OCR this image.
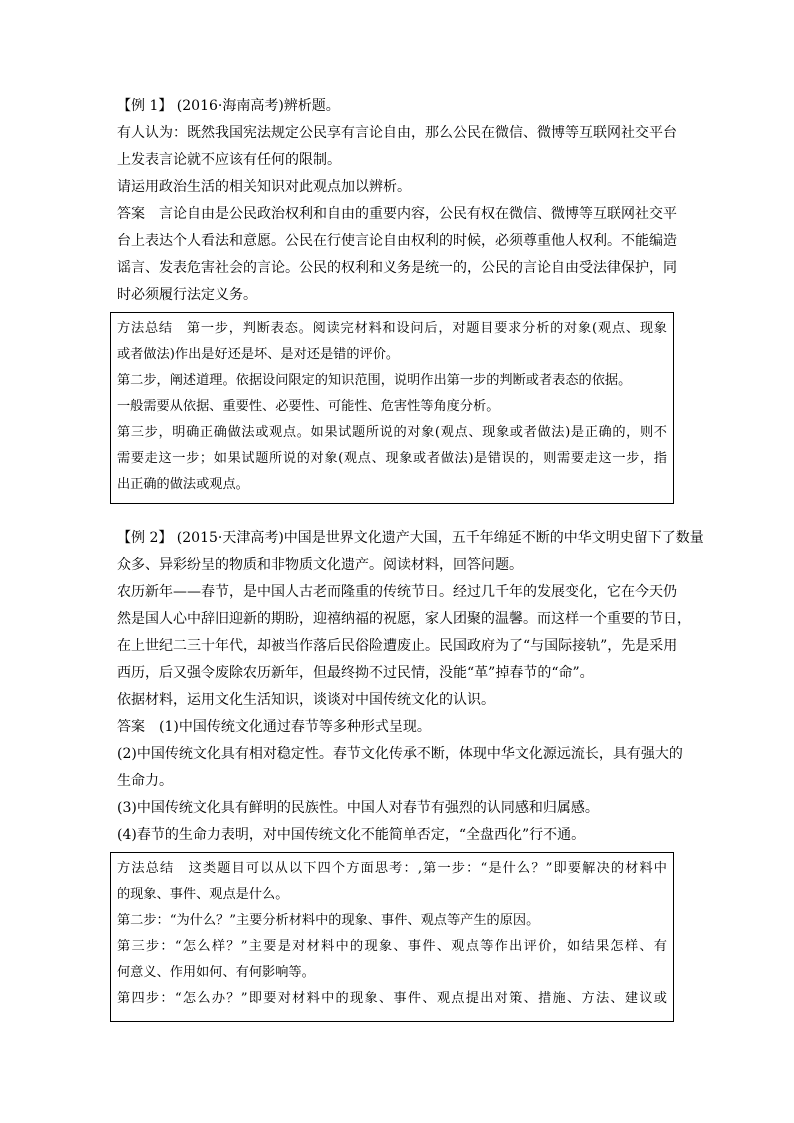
【例 1】 (2016·海南高考)辨析题。
有人认为：既然我国宪法规定公民享有言论自由，那么公民在微信、微博等互联网社交平台
上发表言论就不应该有任何的限制。
请运用政治生活的相关知识对此观点加以辨析。
答案　言论自由是公民政治权利和自由的重要内容，公民有权在微信、微博等互联网社交平
台上表达个人看法和意愿。公民在行使言论自由权利的时候，必须尊重他人权利。不能编造
谣言、发表危害社会的言论。公民的权利和义务是统一的，公民的言论自由受法律保护，同
时必须履行法定义务。
方法总结　第一步，判断表态。阅读完材料和设问后，对题目要求分析的对象(观点、现象
或者做法)作出是好还是坏、是对还是错的评价。
第二步，阐述道理。依据设问限定的知识范围，说明作出第一步的判断或者表态的依据。
一般需要从依据、重要性、必要性、可能性、危害性等角度分析。
第三步，明确正确做法或观点。如果试题所说的对象(观点、现象或者做法)是正确的，则不
需要走这一步；如果试题所说的对象(观点、现象或者做法)是错误的，则需要走这一步，指
出正确的做法或观点。
【例 2】 (2015·天津高考)中国是世界文化遗产大国，五千年绵延不断的中华文明史留下了数量
众多、异彩纷呈的物质和非物质文化遗产。阅读材料，回答问题。
农历新年——春节，是中国人古老而隆重的传统节日。经过几千年的发展变化，它在今天仍
然是国人心中辞旧迎新的期盼，迎禧纳福的祝愿，家人团聚的温馨。而这样一个重要的节日，
在上世纪二三十年代，却被当作落后民俗险遭废止。民国政府为了“与国际接轨”，先是采用
西历，后又强令废除农历新年，但最终拗不过民情，没能“革”掉春节的“命”。
依据材料，运用文化生活知识，谈谈对中国传统文化的认识。
答案　(1)中国传统文化通过春节等多种形式呈现。
(2)中国传统文化具有相对稳定性。春节文化传承不断，体现中华文化源远流长，具有强大的
生命力。
(3)中国传统文化具有鲜明的民族性。中国人对春节有强烈的认同感和归属感。
(4)春节的生命力表明，对中国传统文化不能简单否定，“全盘西化”行不通。
方法总结　这类题目可以从以下四个方面思考：,第一步：“是什么？”即要解决的材料中
的现象、事件、观点是什么。
第二步：“为什么？”主要分析材料中的现象、事件、观点等产生的原因。
第三步：“怎么样？”主要是对材料中的现象、事件、观点等作出评价，如结果怎样、有
何意义、作用如何、有何影响等。
第四步：“怎么办？”即要对材料中的现象、事件、观点提出对策、措施、方法、建议或
